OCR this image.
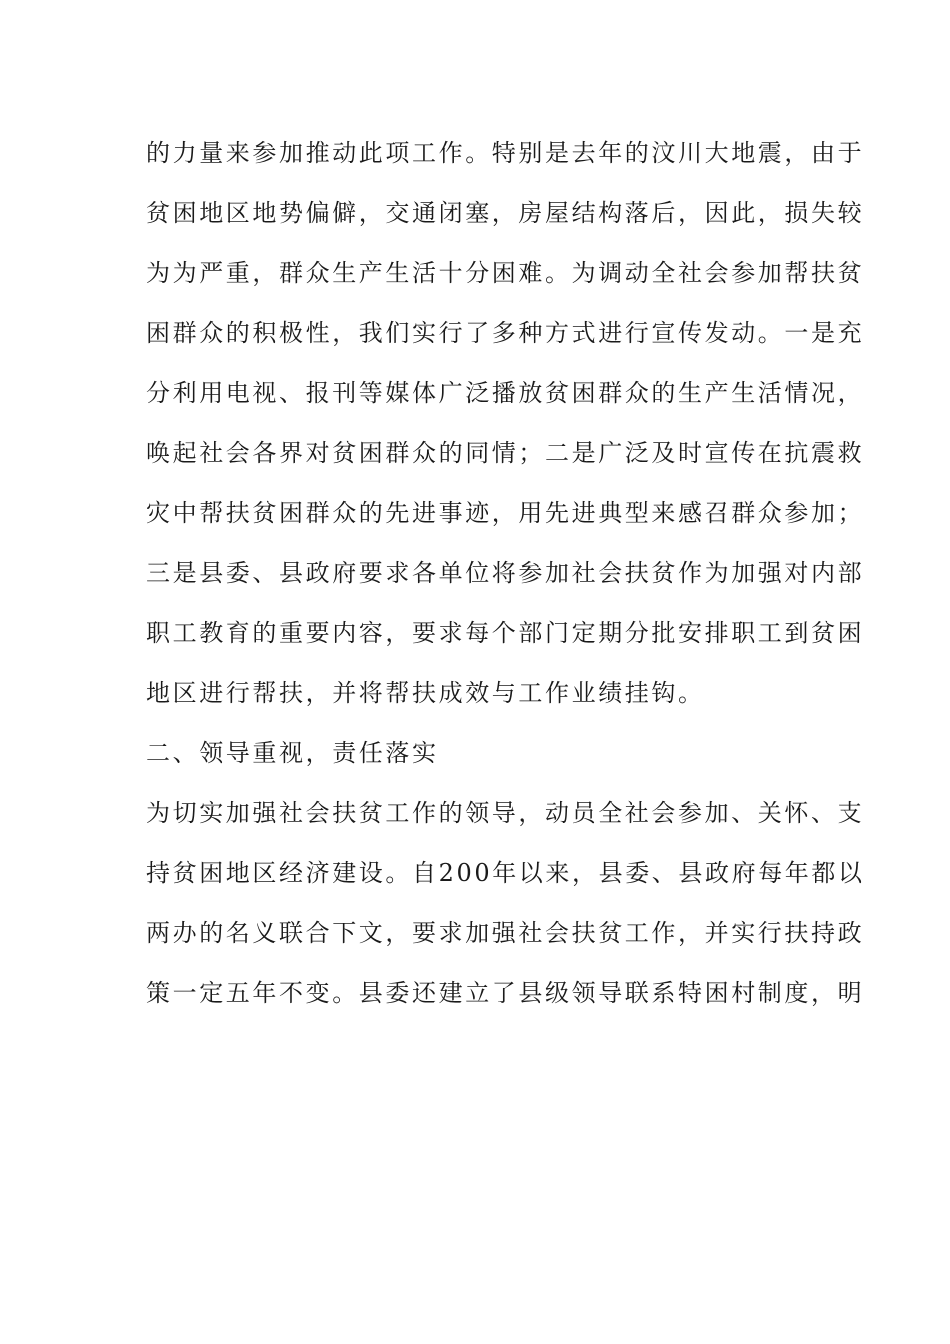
的力量来参加推动此项工作。特别是去年的汶川大地震，由于
贫困地区地势偏僻，交通闭塞，房屋结构落后，因此，损失较
为为严重，群众生产生活十分困难。为调动全社会参加帮扶贫
困群众的积极性，我们实行了多种方式进行宣传发动。一是充
分利用电视、报刊等媒体广泛播放贫困群众的生产生活情况，
唤起社会各界对贫困群众的同情；二是广泛及时宣传在抗震救
灾中帮扶贫困群众的先进事迹，用先进典型来感召群众参加；
三是县委、县政府要求各单位将参加社会扶贫作为加强对内部
职工教育的重要内容，要求每个部门定期分批安排职工到贫困
地区进行帮扶，并将帮扶成效与工作业绩挂钩。
二、领导重视，责任落实
为切实加强社会扶贫工作的领导，动员全社会参加、关怀、支
持贫困地区经济建设。自200年以来，县委、县政府每年都以
两办的名义联合下文，要求加强社会扶贫工作，并实行扶持政
策一定五年不变。县委还建立了县级领导联系特困村制度，明
